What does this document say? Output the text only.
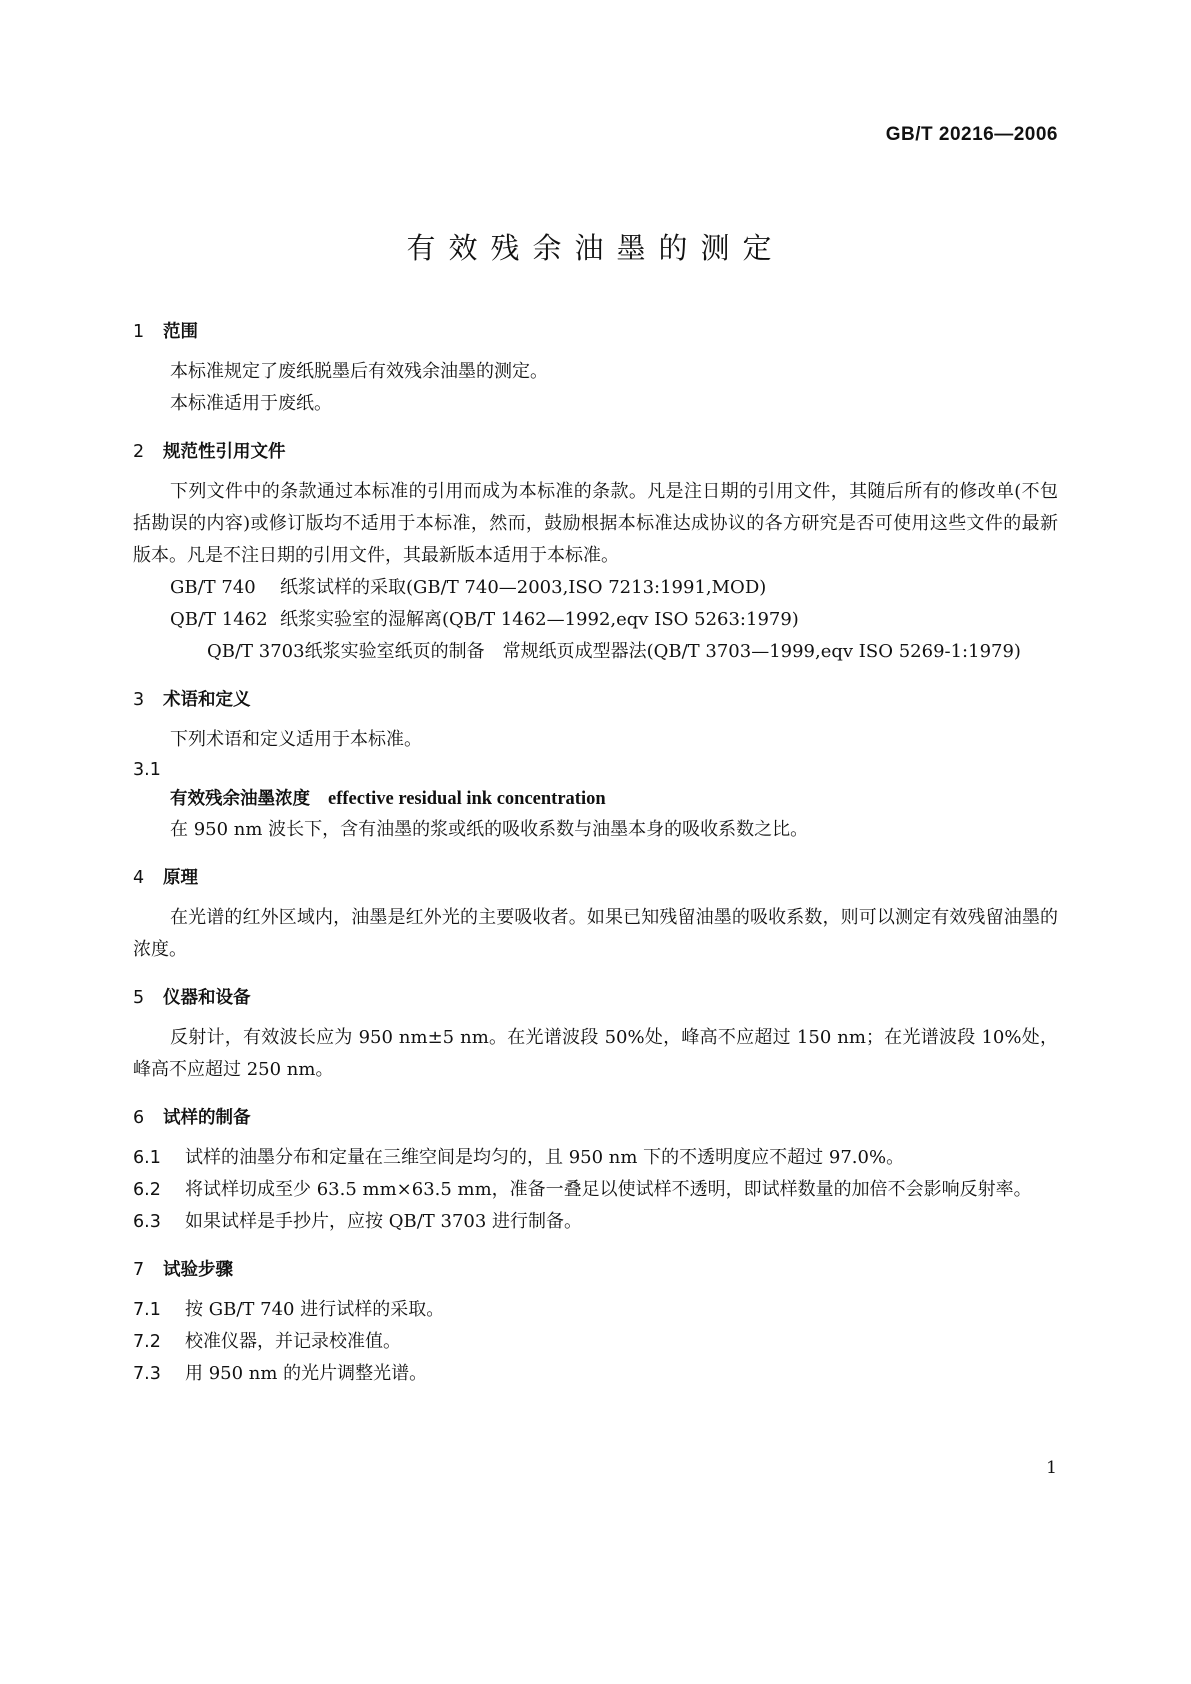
GB/T 20216—2006
有效残余油墨的测定
1 范围
本标准规定了废纸脱墨后有效残余油墨的测定。
本标准适用于废纸。
2 规范性引用文件
下列文件中的条款通过本标准的引用而成为本标准的条款。凡是注日期的引用文件，其随后所有的修改单(不包括勘误的内容)或修订版均不适用于本标准，然而，鼓励根据本标准达成协议的各方研究是否可使用这些文件的最新版本。凡是不注日期的引用文件，其最新版本适用于本标准。
GB/T 740 纸浆试样的采取(GB/T 740—2003,ISO 7213:1991,MOD)
QB/T 1462 纸浆实验室的湿解离(QB/T 1462—1992,eqv ISO 5263:1979)
QB/T 3703纸浆实验室纸页的制备　常规纸页成型器法(QB/T 3703—1999,eqv ISO 5269-1:1979)
3 术语和定义
下列术语和定义适用于本标准。
3.1
有效残余油墨浓度 effective residual ink concentration
在 950 nm 波长下，含有油墨的浆或纸的吸收系数与油墨本身的吸收系数之比。
4 原理
在光谱的红外区域内，油墨是红外光的主要吸收者。如果已知残留油墨的吸收系数，则可以测定有效残留油墨的浓度。
5 仪器和设备
反射计，有效波长应为 950 nm±5 nm。在光谱波段 50%处，峰高不应超过 150 nm；在光谱波段 10%处，峰高不应超过 250 nm。
6 试样的制备
6.1 试样的油墨分布和定量在三维空间是均匀的，且 950 nm 下的不透明度应不超过 97.0%。
6.2 将试样切成至少 63.5 mm×63.5 mm，准备一叠足以使试样不透明，即试样数量的加倍不会影响反射率。
6.3 如果试样是手抄片，应按 QB/T 3703 进行制备。
7 试验步骤
7.1 按 GB/T 740 进行试样的采取。
7.2 校准仪器，并记录校准值。
7.3 用 950 nm 的光片调整光谱。
1
